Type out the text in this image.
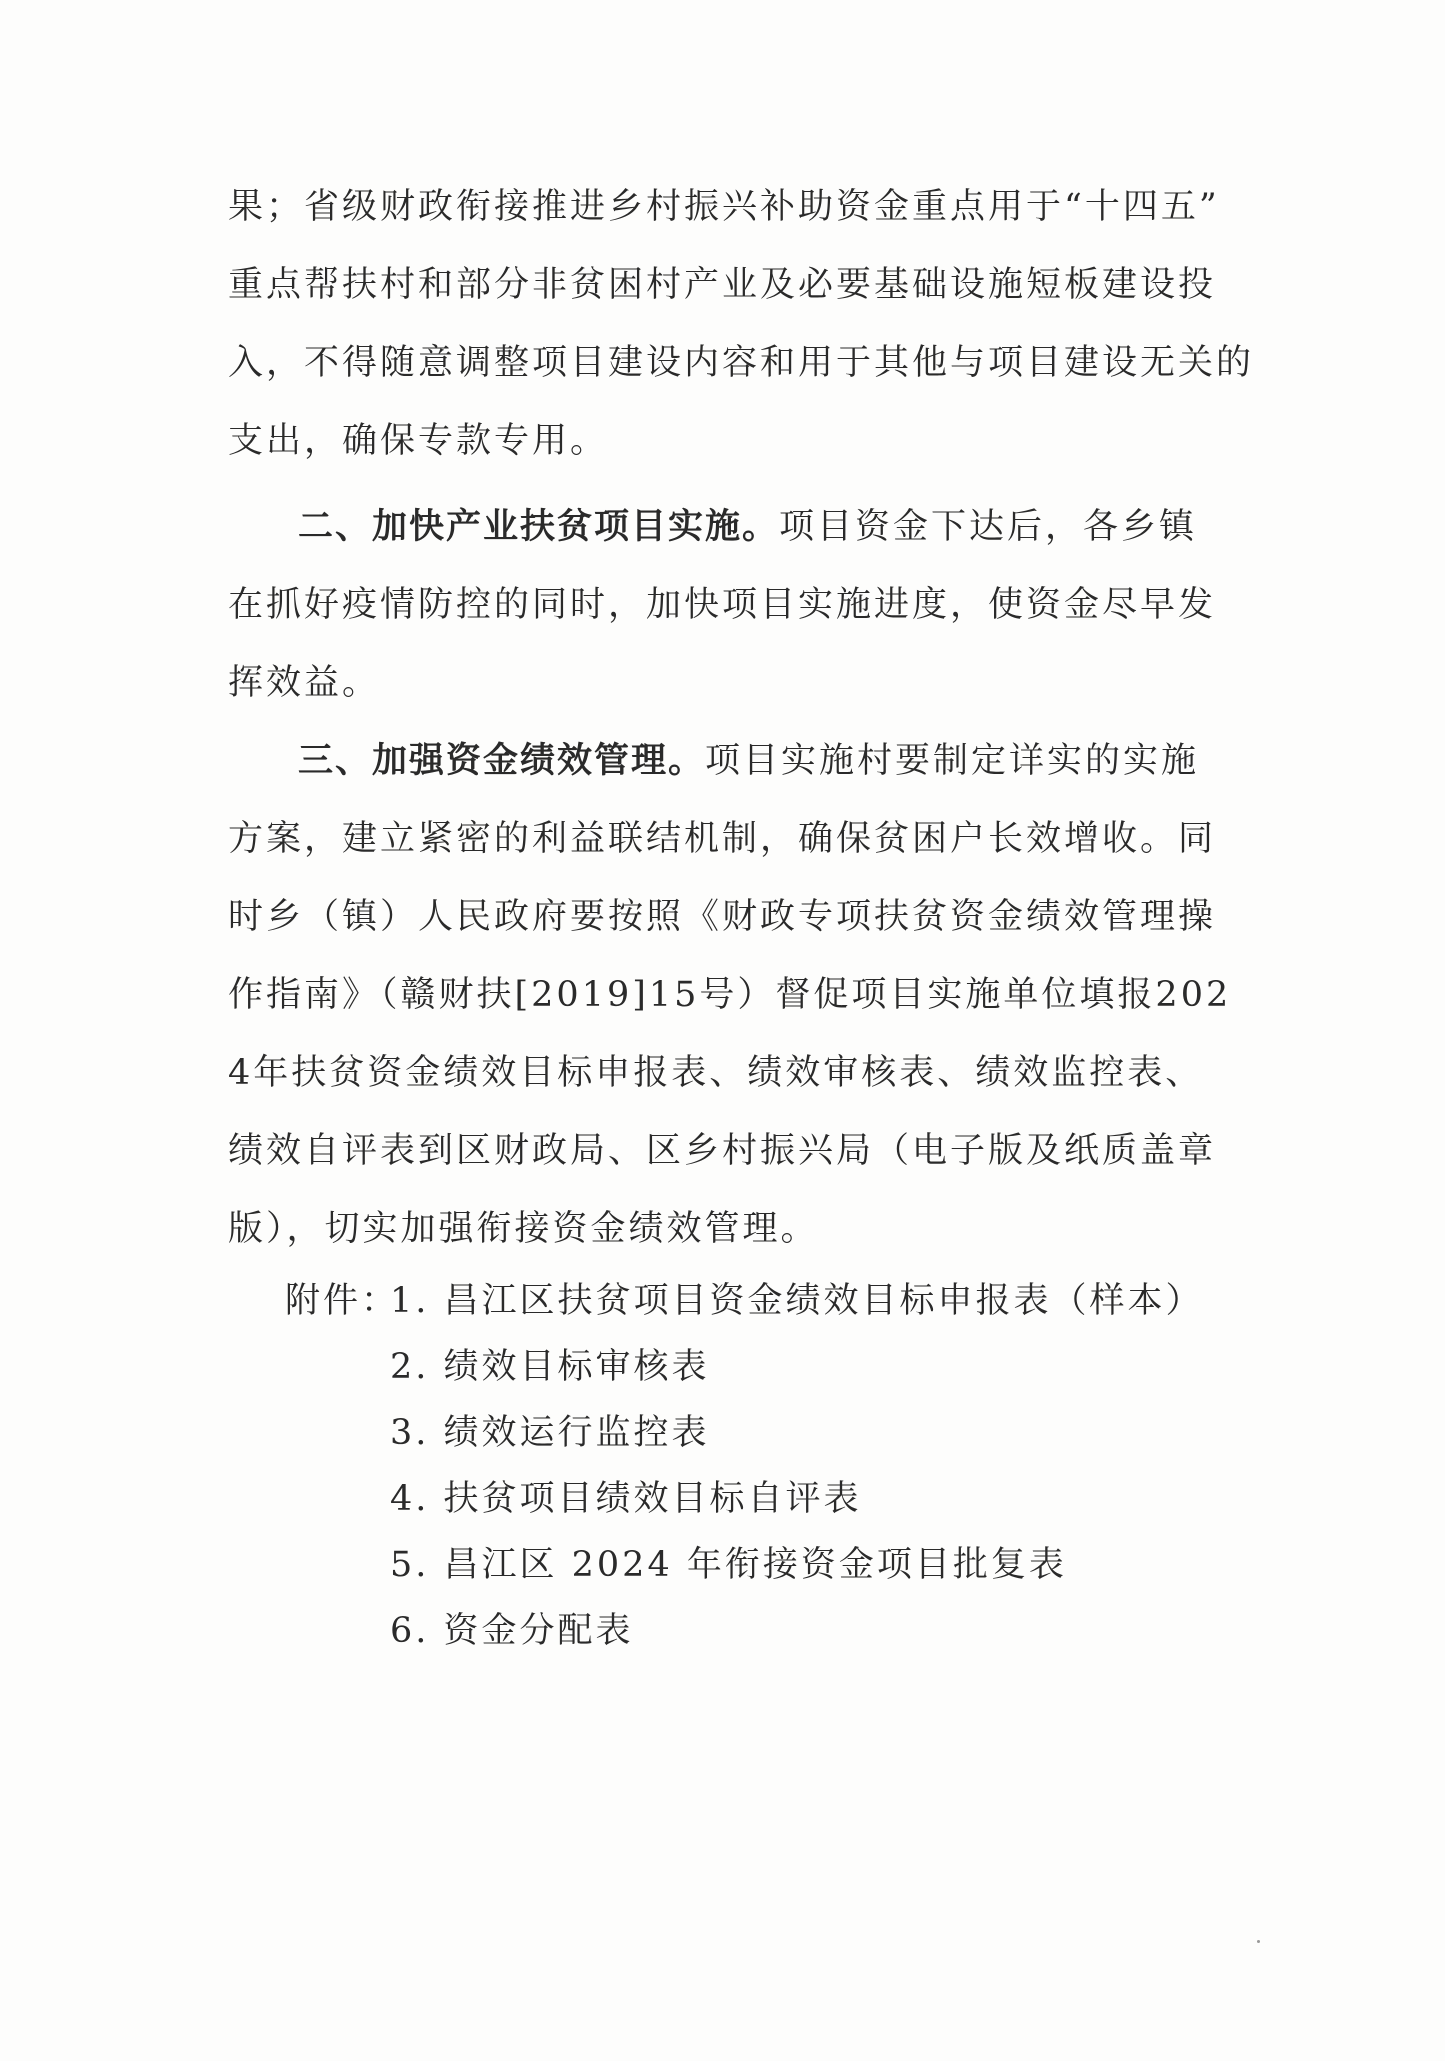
果；省级财政衔接推进乡村振兴补助资金重点用于“十四五”
重点帮扶村和部分非贫困村产业及必要基础设施短板建设投
入，不得随意调整项目建设内容和用于其他与项目建设无关的
支出，确保专款专用。
二、加快产业扶贫项目实施。项目资金下达后，各乡镇
在抓好疫情防控的同时，加快项目实施进度，使资金尽早发
挥效益。
三、加强资金绩效管理。项目实施村要制定详实的实施
方案，建立紧密的利益联结机制，确保贫困户长效增收。同
时乡（镇）人民政府要按照《财政专项扶贫资金绩效管理操
作指南》（赣财扶[2019]15号）督促项目实施单位填报202
4年扶贫资金绩效目标申报表、绩效审核表、绩效监控表、
绩效自评表到区财政局、区乡村振兴局（电子版及纸质盖章
版），切实加强衔接资金绩效管理。
附件：
1. 昌江区扶贫项目资金绩效目标申报表（样本）
2. 绩效目标审核表
3. 绩效运行监控表
4. 扶贫项目绩效目标自评表
5. 昌江区 2024 年衔接资金项目批复表
6. 资金分配表
